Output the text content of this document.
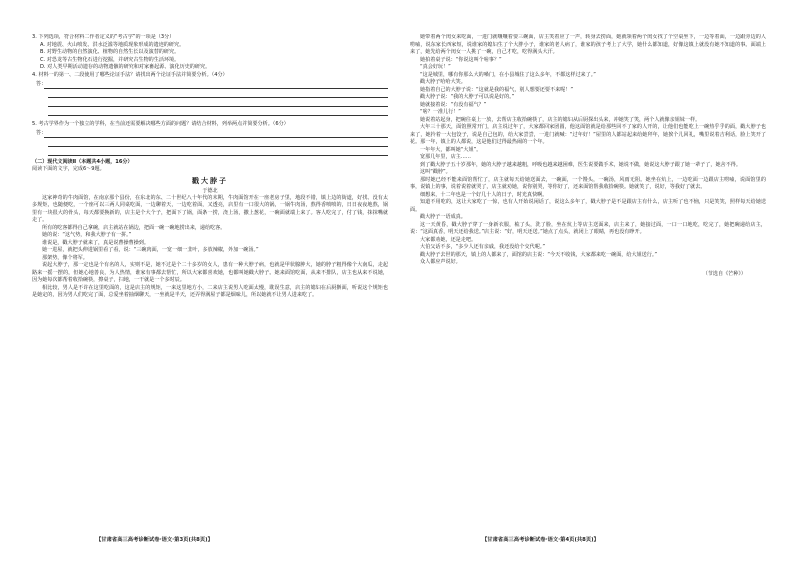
3. 下列选项，符合材料二作者定义的“考古学”的一项是（3分）

A. 对地震、火山喷发、洪水泛滥等地质现象形成的遗迹的研究。

B. 对野生动物的自然演化、植物的自然生长以及演替的研究。

C. 对恐龙等古生物化石进行挖掘，并研究古生物的生活环境。

D. 对人类早期活动遗存的动物遗骸的研究和对家畜起源、演化历史的研究。

4. 材料一的第一、二段使用了哪些论证手法？请找出两个论证手法并简要分析。（4分）

答：

5. 考古学界作为一个独立的学科，在当前还需要解决哪些方面的问题？请结合材料，列举两点并简要分析。（6分）

答：

（二）现代文阅读Ⅱ（本题共4小题，16分）

阅读下面的文字，完成6～9题。

戳大脖子
于德北

这家神奇的牛肉面馆，在南京那个县份，在东北的东、二十世纪八十年代的末期，牛肉面馆开在一座老房子里，地段不错，镇上边的街道，好找、没有太多规矩，也随便吃，一个座可以三两人同桌吃面，一边聊着天，一边吃着面，又透亮，店里有一口很大的锅，一锅牛肉汤，熬得香喷喷的，日日夜夜地熬，锅里有一块很大的骨头，每天都要换新的，店主是个大个子，把面下了锅，面条一捞，浇上汤，撒上葱花，一碗面就端上来了。客人吃完了，付了钱，抹抹嘴就走了。

所有的吃客都得自己拿碗，店主就站在锅边，把面一碗一碗地捞出来，递给吃客。

她的说：“这气势，和我大脖子有一拼。”

谁说是，戳大脖子就来了，真是说曹操曹操到。

她一进屋，就把头伸进锅里看了看，说：“三碗肉面，一宽一细一韭叶，多放辣椒，外加一碗汤。”

那架势，像个将军。

说起大脖子，那一定也是个有名的人，实则不是，她不过是个二十多岁的女人，患有一种大脖子病，也就是甲状腺肿大，她的脖子粗得像个大南瓜，走起路来一摇一摆的，但她心地善良，为人热情，谁家有事都去帮忙，所以大家都喜欢她，也都叫她戳大脖子。她来面馆吃面，从来不排队，店主也从来不说她，因为她每次都帮着收拾碗筷，擦桌子，扫地，一干就是一个多时辰。

相比较，男人是不许在这里吃面的，这是店主的规矩，一来这里地方小，二来店主说男人吃面太慢，耽误生意，店主的媳妇在后厨擀面，听说这个规矩也是她定的，因为男人们吃完了面，总爱坐着抽烟聊天，一坐就是半天，还弄得满屋子都是烟味儿，所以她就不让男人进来吃了。

她带着两个闺女来吃面，一进门就嚷嚷着要三碗面，店主笑着应了一声，转身去捞面，她就领着两个闺女找了个空桌坐下，一边等着面，一边跟旁边的人唠嗑，说东家长西家短，说谁家的媳妇生了个大胖小子，谁家的老人病了，谁家的孩子考上了大学，她什么都知道，好像这镇上就没有她不知道的事。面端上来了，她先给两个闺女一人挑了一碗，自己才吃，吃得满头大汗。

她拍着桌子说：“你说这叫个啥事？”

“真会好玩！”

“这是城里，哪有你那么大的嗓门，在小县城住了这么多年，不都这样过来了。”

戳大脖子哈哈大笑。

她指着自己的大脖子说：“这就是我的福气，别人想要还要不来呢！”

戳大脖子说：“我的大脖子可以说是好的。”

她就接着说：“有没有福气？”

“啥？一准儿行！”

她说着站起身，把碗往桌上一放，去帮店主收拾碗筷了，店主的媳妇从后厨探出头来，冲她笑了笑，两个人就像亲姐妹一样。

大年三十那天，面馆照常开门，店主说过年了，大家都回家团圆，他这面馆就是给那些回不了家的人开的，让他们也能吃上一碗热乎乎的面，戳大脖子也来了，她拎着一大包饺子，说是自己包的，给大家尝尝，一进门就喊：“过年好！”屋里的人都站起来给她拜年，她挨个儿回礼，嘴里说着吉利话，脸上笑开了花。那一年，镇上的人都说，这是他们过得最热闹的一个年。

一年年大，都叫她“大姐”。

宽那几年里，店主……

到了戳大脖子五十岁那年，她的大脖子越来越粗，呼吸也越来越困难，医生说要做手术，她说不做，她说这大脖子跟了她一辈子了，她舍不得。

这叫“戳脖”。

那时她已经不能来面馆帮忙了，店主就每天给她送面去，一碗面，一个馒头，一碗汤，风雨无阻。她坐在炕上，一边吃面一边跟店主唠嗑，说面馆里的事，说镇上的事，说着说着就哭了，店主就劝她，说你别哭，等你好了，还来面馆帮我收拾碗筷。她就笑了，说好，等我好了就去。

细想来，十二年也是一个好几十人的日子，时光真快啊。

知道不用吃的，这让大家吃了一惊，也有人开始说闲话了，说这么多年了，戳大脖子是不是跟店主有什么，店主听了也不恼，只是笑笑，照样每天给她送面。

戳大脖子一语成真。

这一天黄昏，戳大脖子穿了一身新衣服，梳了头，洗了脸，坐在炕上等店主送面来，店主来了，她接过面，一口一口地吃，吃完了，她把碗递给店主，说：“这面真香，明天还给我送。”店主说：“好，明天还送。”她点了点头，就闭上了眼睛，再也没有睁开。

大家都劝她，还是走吧。

大伯父话不多，“多少人还有亲戚，我还没给个交代呢。”

戳大脖子去世的那天，镇上的人都来了，面馆的店主说：“今天不收钱，大家都来吃一碗面，给大姐送行。”

众人都应声说好。

（节选自《芒种》）

【甘肃省高三高考诊断试卷·语文·第3页(共8页)】	【甘肃省高三高考诊断试卷·语文·第4页(共8页)】
